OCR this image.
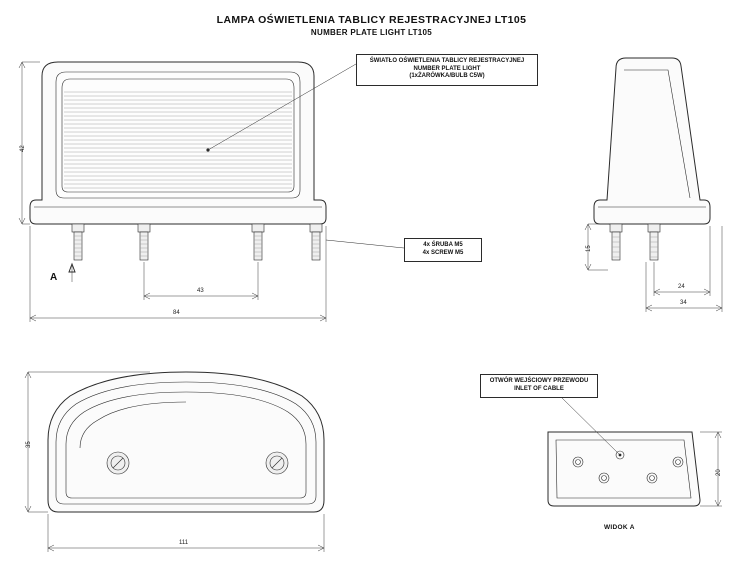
LAMPA OŚWIETLENIA TABLICY REJESTRACYJNEJ LT105
NUMBER PLATE LIGHT LT105
ŚWIATŁO OŚWIETLENIA TABLICY REJESTRACYJNEJ
NUMBER PLATE LIGHT
(1xŻARÓWKA/BULB C5W)
4x ŚRUBA M5
4x SCREW M5
OTWÓR WEJŚCIOWY PRZEWODU
INLET OF CABLE
42
43
84
15
24
34
35
111
20
A
WIDOK A
